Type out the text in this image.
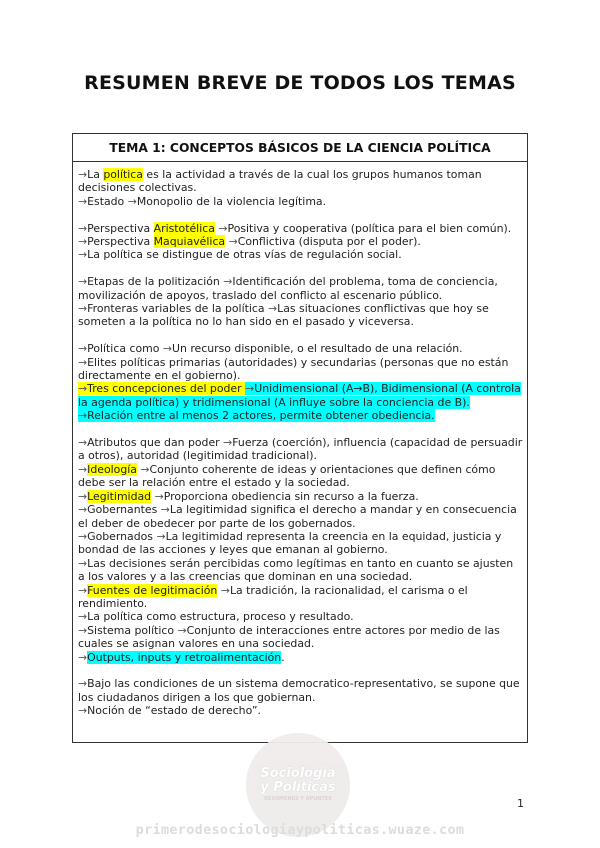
RESUMEN BREVE DE TODOS LOS TEMAS
TEMA 1: CONCEPTOS BÁSICOS DE LA CIENCIA POLÍTICA

→La política es la actividad a través de la cual los grupos humanos toman decisiones colectivas.

→Estado →Monopolio de la violencia legítima.

→Perspectiva Aristotélica →Positiva y cooperativa (política para el bien común).

→Perspectiva Maquiavélica →Conflictiva (disputa por el poder).

→La política se distingue de otras vías de regulación social.

→Etapas de la politización →Identificación del problema, toma de conciencia, movilización de apoyos, traslado del conflicto al escenario público.

→Fronteras variables de la política →Las situaciones conflictivas que hoy se someten a la política no lo han sido en el pasado y viceversa.

→Política como →Un recurso disponible, o el resultado de una relación.

→Elites políticas primarias (autoridades) y secundarias (personas que no están directamente en el gobierno).

→Tres concepciones del poder →Unidimensional (A→B), Bidimensional (A controla la agenda política) y tridimensional (A influye sobre la conciencia de B).

→Relación entre al menos 2 actores, permite obtener obediencia.

→Atributos que dan poder →Fuerza (coerción), influencia (capacidad de persuadir a otros), autoridad (legitimidad tradicional).

→Ideología →Conjunto coherente de ideas y orientaciones que definen cómo debe ser la relación entre el estado y la sociedad.

→Legitimidad →Proporciona obediencia sin recurso a la fuerza.

→Gobernantes →La legitimidad significa el derecho a mandar y en consecuencia el deber de obedecer por parte de los gobernados.

→Gobernados →La legitimidad representa la creencia en la equidad, justicia y bondad de las acciones y leyes que emanan al gobierno.

→Las decisiones serán percibidas como legítimas en tanto en cuanto se ajusten a los valores y a las creencias que dominan en una sociedad.

→Fuentes de legitimación →La tradición, la racionalidad, el carisma o el rendimiento.

→La política como estructura, proceso y resultado.

→Sistema político →Conjunto de interacciones entre actores por medio de las cuales se asignan valores en una sociedad.

→Outputs, inputs y retroalimentación.

→Bajo las condiciones de un sistema democratico-representativo, se supone que los ciudadanos dirigen a los que gobiernan.

→Noción de “estado de derecho”.

Sociología
y Políticas
RESUMENES Y APUNTES	1
primerodesociologiaypoliticas.wuaze.com
